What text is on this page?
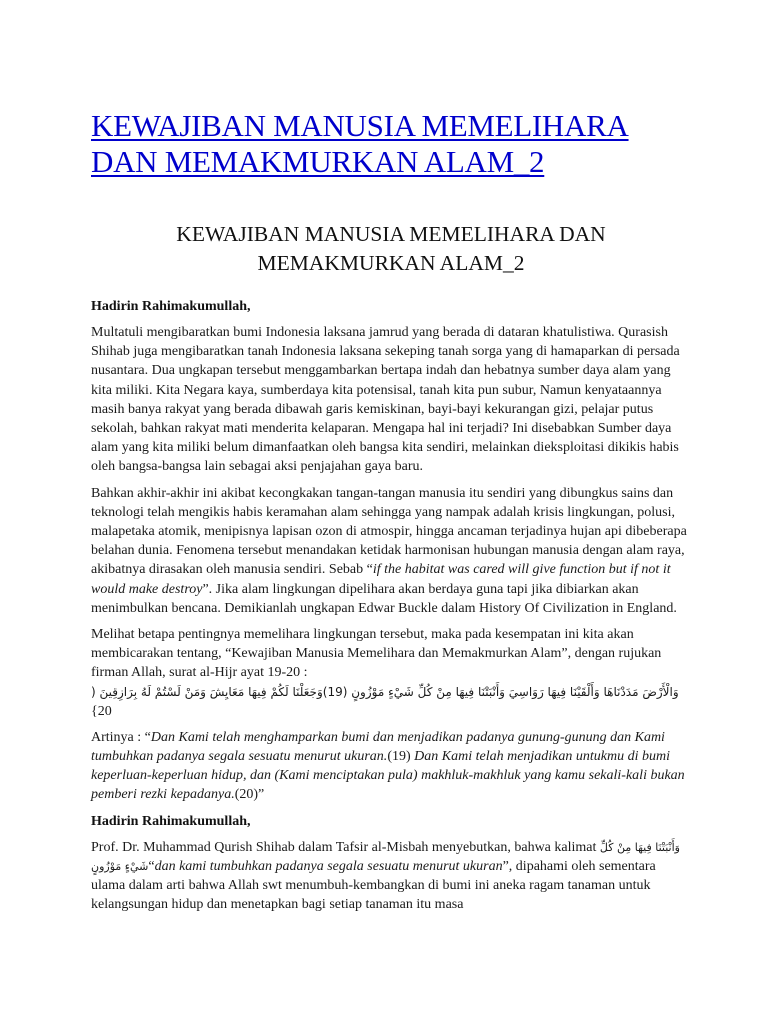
KEWAJIBAN MANUSIA MEMELIHARA
DAN MEMAKMURKAN ALAM_2
KEWAJIBAN MANUSIA MEMELIHARA DAN
MEMAKMURKAN ALAM_2
Hadirin Rahimakumullah,

Multatuli mengibaratkan bumi Indonesia laksana jamrud yang berada di dataran khatulistiwa. Qurasish Shihab juga mengibaratkan tanah Indonesia laksana sekeping tanah sorga yang di hamaparkan di persada nusantara. Dua ungkapan tersebut menggambarkan bertapa indah dan hebatnya sumber daya alam yang kita miliki. Kita Negara kaya, sumberdaya kita potensisal, tanah kita pun subur, Namun kenyataannya masih banya rakyat yang berada dibawah garis kemiskinan, bayi-bayi kekurangan gizi, pelajar putus sekolah, bahkan rakyat mati menderita kelaparan. Mengapa hal ini terjadi? Ini disebabkan Sumber daya alam yang kita miliki belum dimanfaatkan oleh bangsa kita sendiri, melainkan dieksploitasi dikikis habis oleh bangsa-bangsa lain sebagai aksi penjajahan gaya baru.

Bahkan akhir-akhir ini akibat kecongkakan tangan-tangan manusia itu sendiri yang dibungkus sains dan teknologi telah mengikis habis keramahan alam sehingga yang nampak adalah krisis lingkungan, polusi, malapetaka atomik, menipisnya lapisan ozon di atmospir, hingga ancaman terjadinya hujan api dibeberapa belahan dunia. Fenomena tersebut menandakan ketidak harmonisan hubungan manusia dengan alam raya, akibatnya dirasakan oleh manusia sendiri. Sebab “if the habitat was cared will give function but if not it would make destroy”. Jika alam lingkungan dipelihara akan berdaya guna tapi jika dibiarkan akan menimbulkan bencana. Demikianlah ungkapan Edwar Buckle dalam History Of Civilization in England.

Melihat betapa pentingnya memelihara lingkungan tersebut, maka pada kesempatan ini kita akan membicarakan tentang, “Kewajiban Manusia Memelihara dan Memakmurkan Alam”, dengan rujukan firman Allah, surat al-Hijr ayat 19-20 :

وَالْأَرْضَ مَدَدْنَاهَا وَأَلْقَيْنَا فِيهَا رَوَاسِيَ وَأَنْبَتْنَا فِيهَا مِنْ كُلِّ شَيْءٍ مَوْزُونٍ (19)وَجَعَلْنَا لَكُمْ فِيهَا مَعَايِشَ وَمَنْ لَسْتُمْ لَهُ بِرَازِقِينَ (

{20

Artinya : “Dan Kami telah menghamparkan bumi dan menjadikan padanya gunung-gunung dan Kami tumbuhkan padanya segala sesuatu menurut ukuran.(19) Dan Kami telah menjadikan untukmu di bumi keperluan-keperluan hidup, dan (Kami menciptakan pula) makhluk-makhluk yang kamu sekali-kali bukan pemberi rezki kepadanya.(20)”

Hadirin Rahimakumullah,

Prof. Dr. Muhammad Qurish Shihab dalam Tafsir al-Misbah menyebutkan, bahwa kalimat	وَأَنْبَتْنَا فِيهَا مِنْ كُلِّ شَيْءٍ مَوْزُونٍ“dan kami tumbuhkan padanya segala sesuatu menurut ukuran”, dipahami oleh sementara ulama dalam arti bahwa Allah swt menumbuh-kembangkan di bumi ini aneka ragam tanaman untuk kelangsungan hidup dan menetapkan bagi setiap tanaman itu masa
